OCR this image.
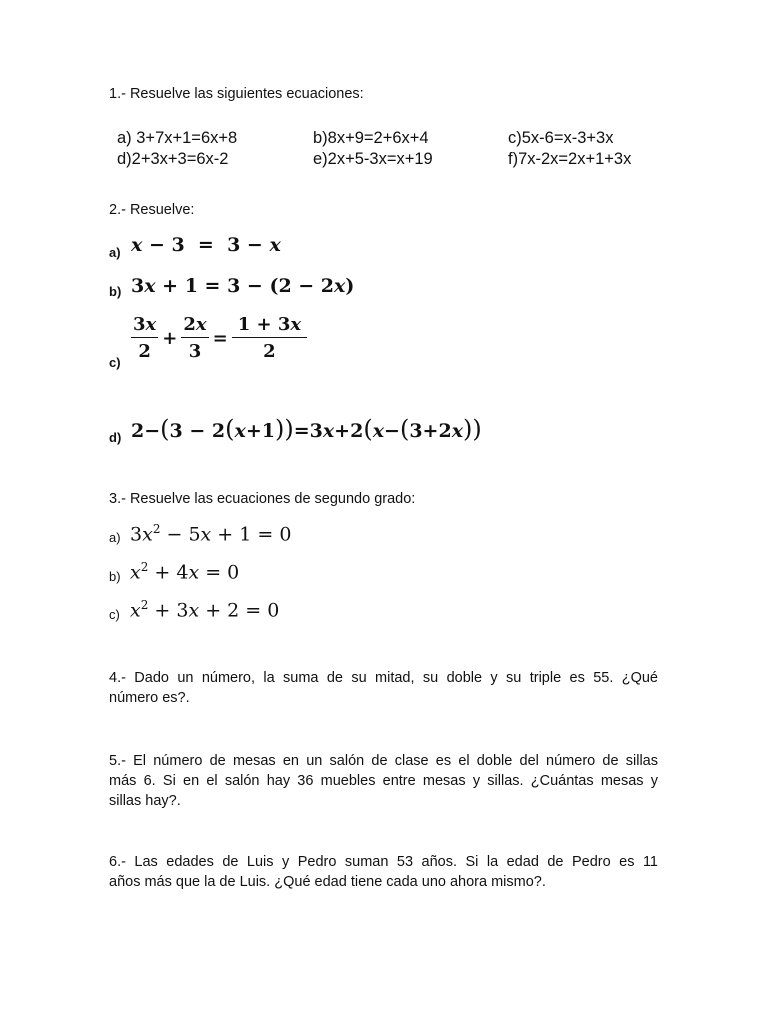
1.- Resuelve las siguientes ecuaciones:
a) 3+7x+1=6x+8	b)8x+9=2+6x+4	c)5x-6=x-3+3x
d)2+3x+3=6x-2	e)2x+5-3x=x+19	f)7x-2x=2x+1+3x
2.- Resuelve:
a) x − 3  =  3 − x
b) 3x + 1 = 3 − (2 − 2x)
c)
$\frac{3x}{2} + \frac{2x}{3} = \frac{1 + 3x}{2}$
d) 2−(3 − 2(x+1))=3x+2(x−(3+2x))
3.- Resuelve las ecuaciones de segundo grado:
a) $3x^2 - 5x + 1 = 0$
b) $x^2 + 4x = 0$
c) $x^2 + 3x + 2 = 0$
4.- Dado un número, la suma de su mitad, su doble y su triple es 55. ¿Qué
número es?.
5.- El número de mesas en un salón de clase es el doble del número de sillas
más 6. Si en el salón hay 36 muebles entre mesas y sillas. ¿Cuántas mesas y
sillas hay?.
6.- Las edades de Luis y Pedro suman 53 años. Si la edad de Pedro es 11
años más que la de Luis. ¿Qué edad tiene cada uno ahora mismo?.
